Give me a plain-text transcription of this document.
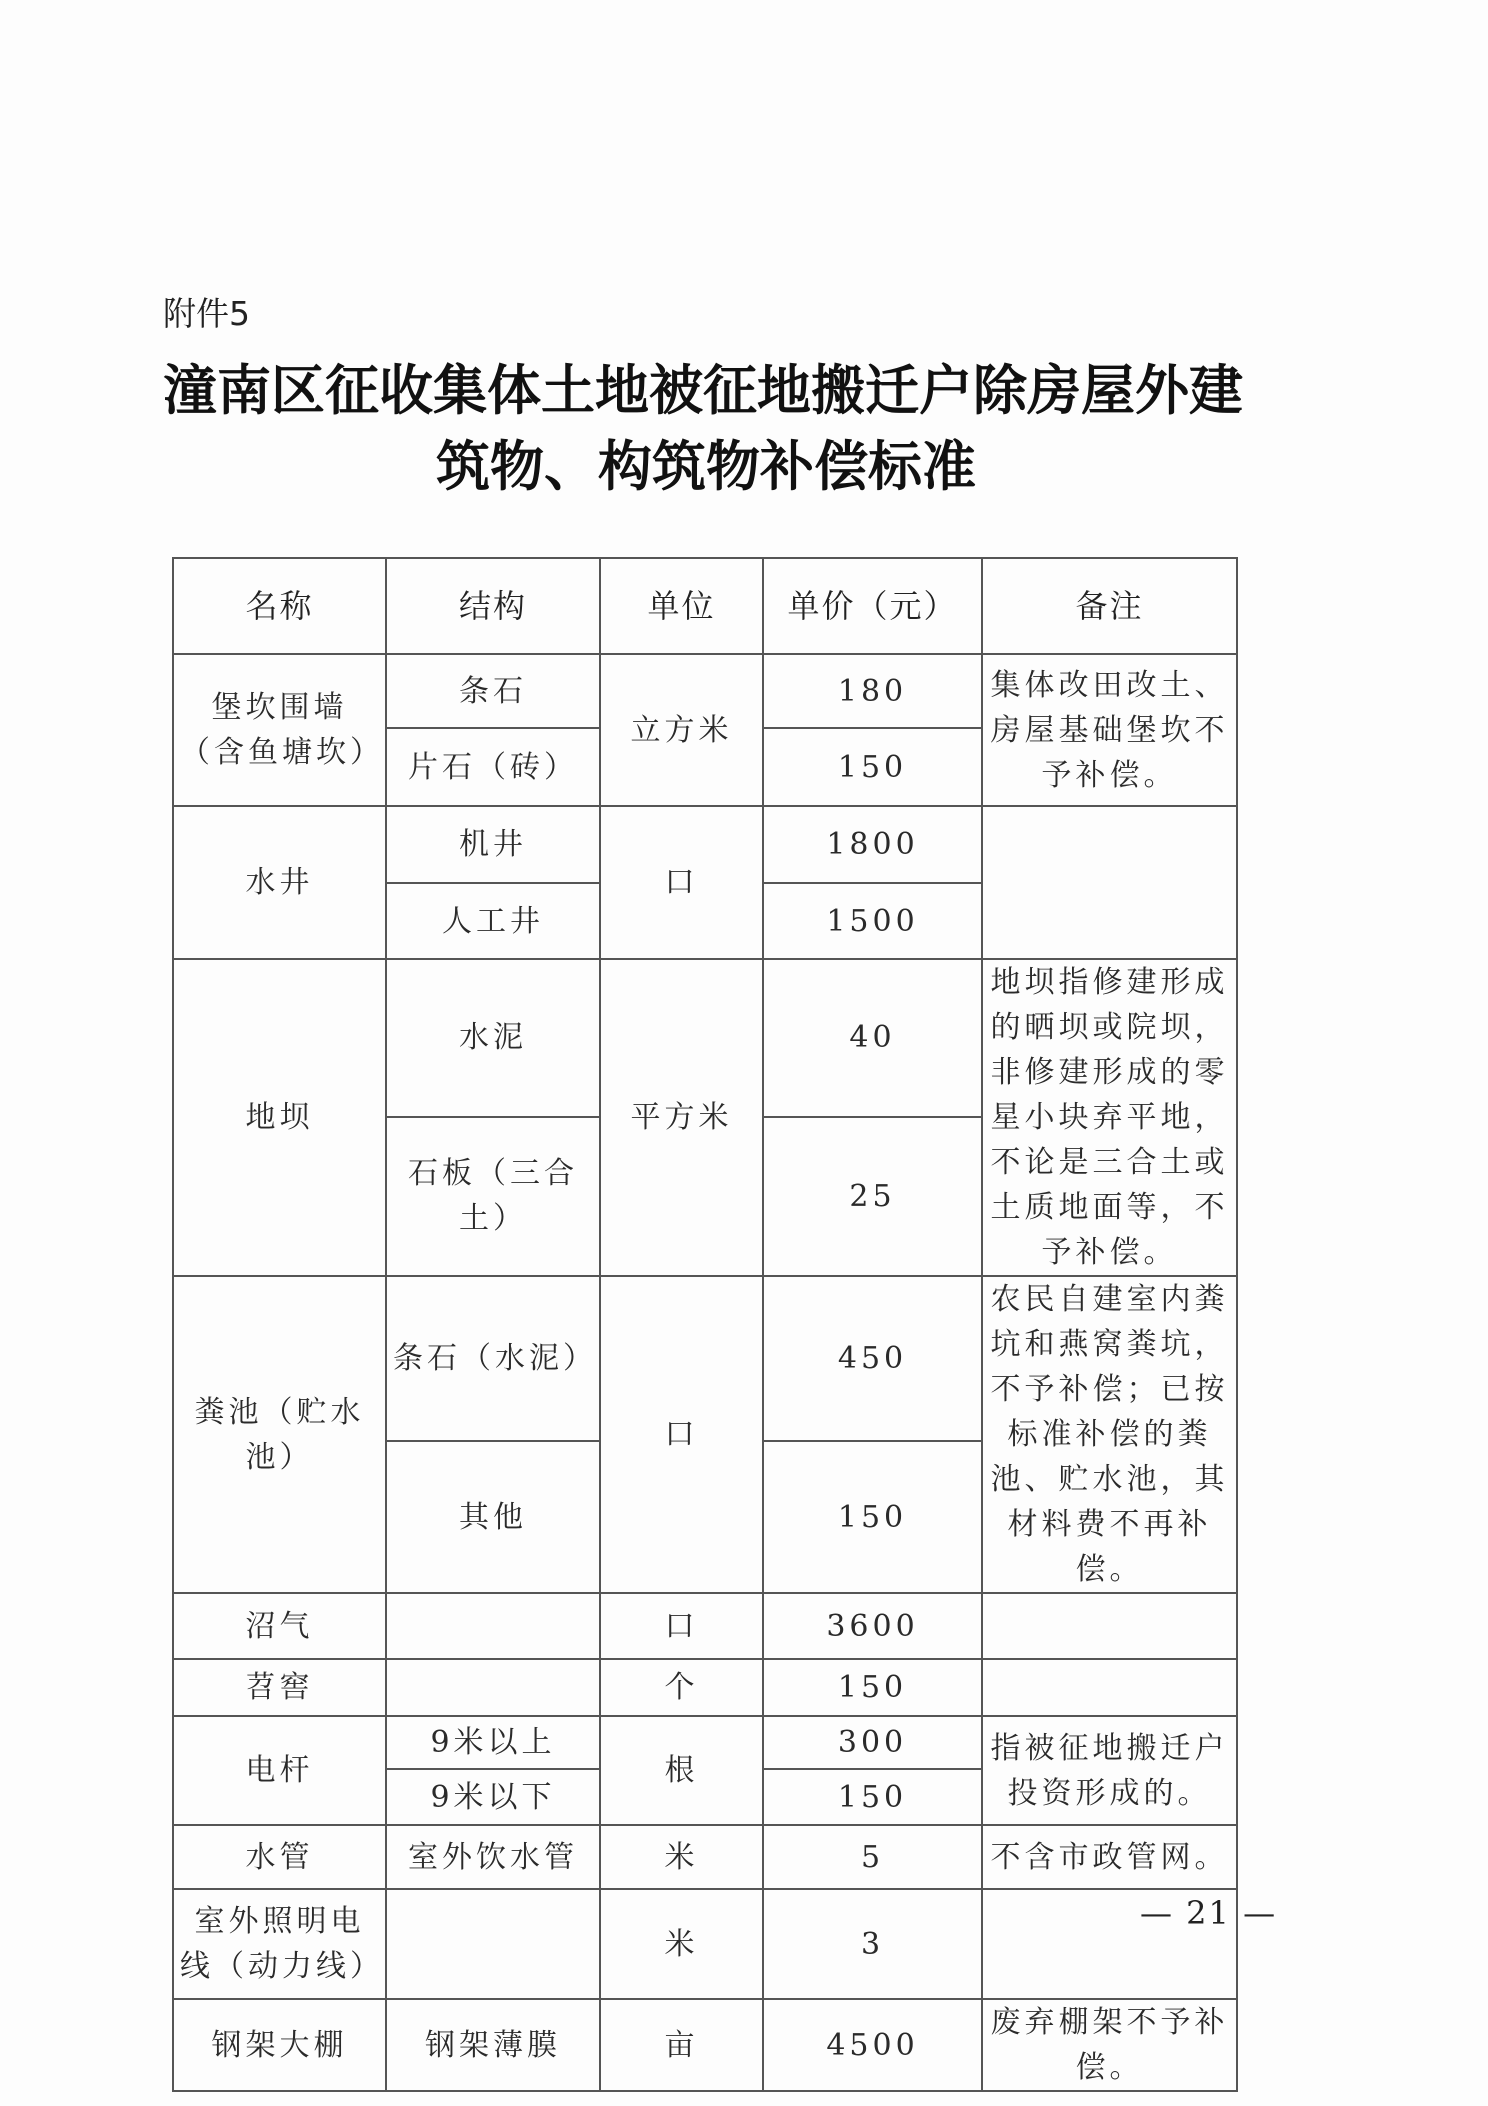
附件5
潼南区征收集体土地被征地搬迁户除房屋外建
筑物、构筑物补偿标准
名称	结构	单位	单价（元）	备注
堡坎围墙（含鱼塘坎）	条石	立方米	180	集体改田改土、房屋基础堡坎不予补偿。
	片石（砖）		150	
水井	机井	口	1800	
	人工井		1500	
地坝	水泥	平方米	40	地坝指修建形成的晒坝或院坝，非修建形成的零星小块弃平地，不论是三合土或土质地面等，不予补偿。
	石板（三合土）		25	
粪池（贮水池）	条石（水泥）	口	450	农民自建室内粪坑和燕窝粪坑，不予补偿；已按标准补偿的粪池、贮水池，其材料费不再补偿。
	其他		150	
沼气		口	3600	
苕窖		个	150	
电杆	9米以上	根	300	指被征地搬迁户投资形成的。
	9米以下		150	
水管	室外饮水管	米	5	不含市政管网。
室外照明电线（动力线）		米	3	
钢架大棚	钢架薄膜	亩	4500	废弃棚架不予补偿。
— 21 —
